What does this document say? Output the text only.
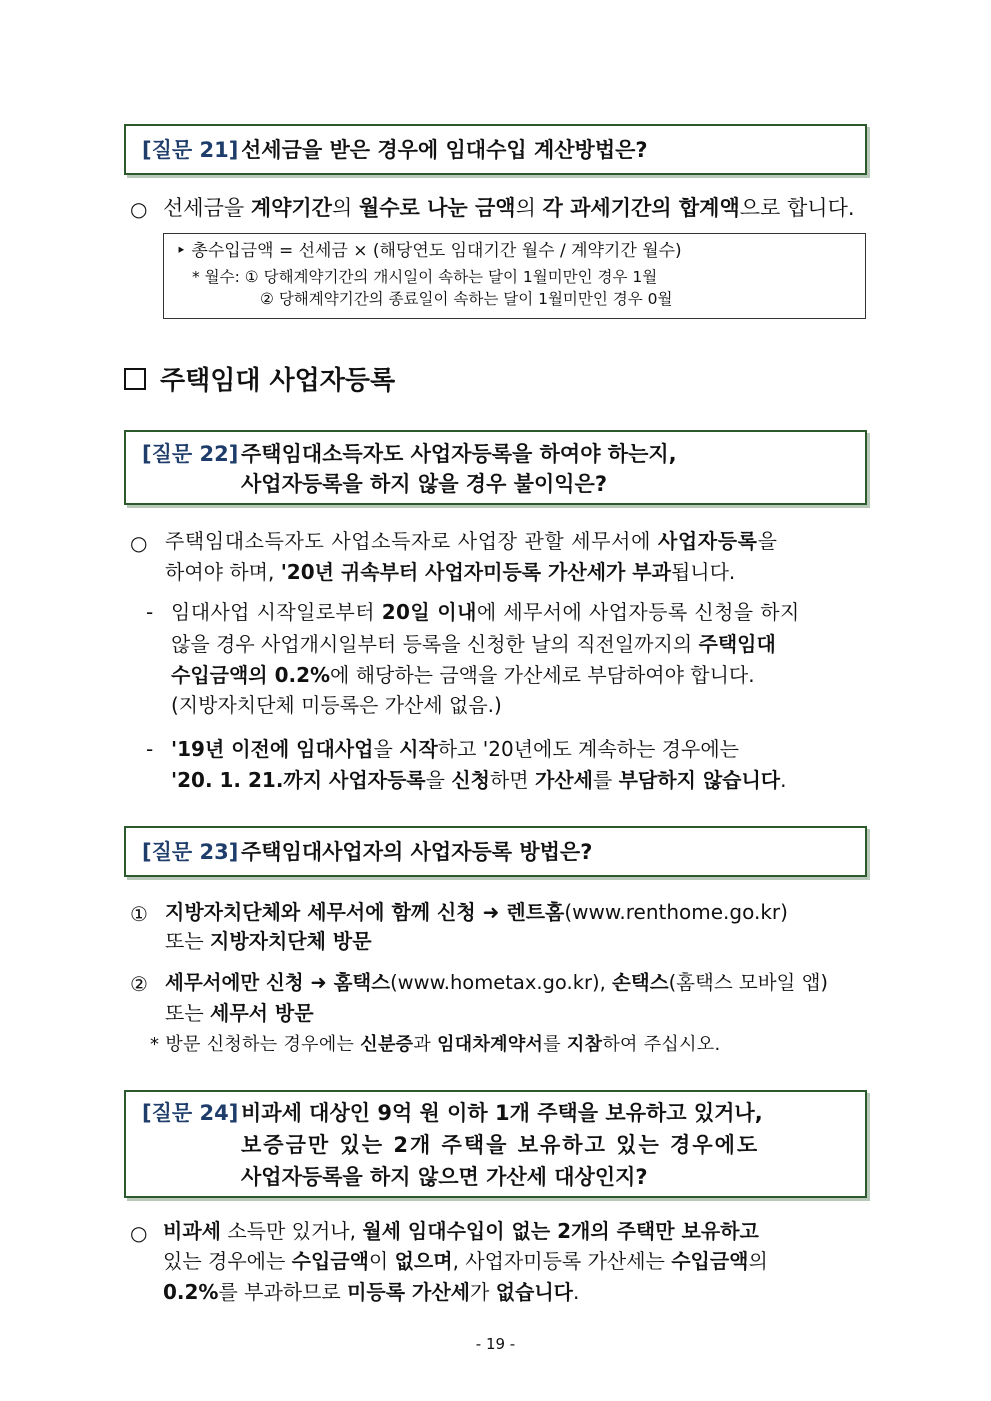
[질문 21] 선세금을 받은 경우에 임대수입 계산방법은?
○ 선세금을 계약기간의 월수로 나눈 금액의 각 과세기간의 합계액으로 합니다.
‣ 총수입금액 = 선세금 × (해당연도 임대기간 월수 / 계약기간 월수)
* 월수: ① 당해계약기간의 개시일이 속하는 달이 1월미만인 경우 1월
② 당해계약기간의 종료일이 속하는 달이 1월미만인 경우 0월
주택임대 사업자등록
[질문 22] 주택임대소득자도 사업자등록을 하여야 하는지,
사업자등록을 하지 않을 경우 불이익은?
○ 주택임대소득자도 사업소득자로 사업장 관할 세무서에 사업자등록을
하여야 하며, '20년 귀속부터 사업자미등록 가산세가 부과됩니다.
- 임대사업 시작일로부터 20일 이내에 세무서에 사업자등록 신청을 하지
않을 경우 사업개시일부터 등록을 신청한 날의 직전일까지의 주택임대
수입금액의 0.2%에 해당하는 금액을 가산세로 부담하여야 합니다.
(지방자치단체 미등록은 가산세 없음.)
- '19년 이전에 임대사업을 시작하고 '20년에도 계속하는 경우에는
'20. 1. 21.까지 사업자등록을 신청하면 가산세를 부담하지 않습니다.
[질문 23] 주택임대사업자의 사업자등록 방법은?
① 지방자치단체와 세무서에 함께 신청 ➜ 렌트홈(www.renthome.go.kr)
또는 지방자치단체 방문
② 세무서에만 신청 ➜ 홈택스(www.hometax.go.kr), 손택스(홈택스 모바일 앱)
또는 세무서 방문
* 방문 신청하는 경우에는 신분증과 임대차계약서를 지참하여 주십시오.
[질문 24] 비과세 대상인 9억 원 이하 1개 주택을 보유하고 있거나,
보증금만 있는 2개 주택을 보유하고 있는 경우에도
사업자등록을 하지 않으면 가산세 대상인지?
○ 비과세 소득만 있거나, 월세 임대수입이 없는 2개의 주택만 보유하고
있는 경우에는 수입금액이 없으며, 사업자미등록 가산세는 수입금액의
0.2%를 부과하므로 미등록 가산세가 없습니다.
- 19 -
